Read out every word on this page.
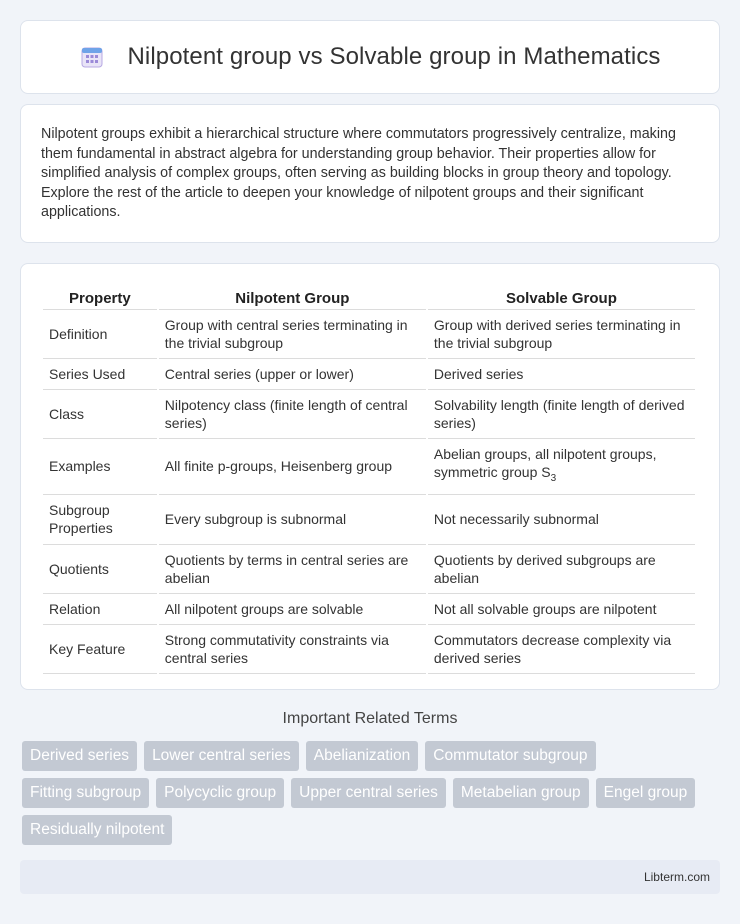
Nilpotent group vs Solvable group in Mathematics

Nilpotent groups exhibit a hierarchical structure where commutators progressively centralize, making them fundamental in abstract algebra for understanding group behavior. Their properties allow for simplified analysis of complex groups, often serving as building blocks in group theory and topology. Explore the rest of the article to deepen your knowledge of nilpotent groups and their significant applications.

Property	Nilpotent Group	Solvable Group
Definition	Group with central series terminating in the trivial subgroup	Group with derived series terminating in the trivial subgroup
Series Used	Central series (upper or lower)	Derived series
Class	Nilpotency class (finite length of central series)	Solvability length (finite length of derived series)
Examples	All finite p-groups, Heisenberg group	Abelian groups, all nilpotent groups, symmetric group $S_3$
Subgroup Properties	Every subgroup is subnormal	Not necessarily subnormal
Quotients	Quotients by terms in central series are abelian	Quotients by derived subgroups are abelian
Relation	All nilpotent groups are solvable	Not all solvable groups are nilpotent
Key Feature	Strong commutativity constraints via central series	Commutators decrease complexity via derived series
Important Related Terms
Derived series	Lower central series	Abelianization	Commutator subgroup
Fitting subgroup	Polycyclic group	Upper central series	Metabelian group	Engel group
Residually nilpotent
Libterm.com
